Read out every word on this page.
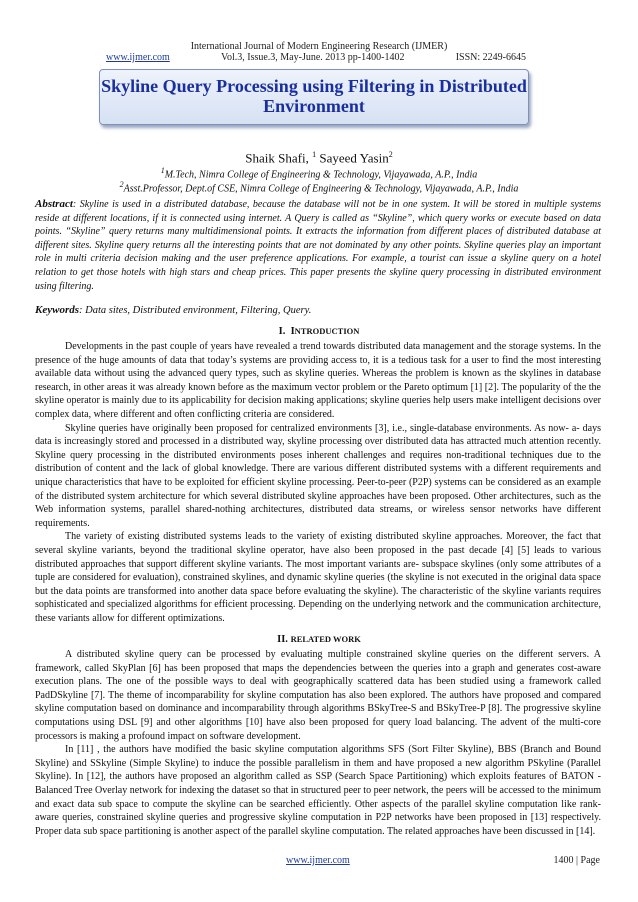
International Journal of Modern Engineering Research (IJMER)
www.ijmer.com	Vol.3, Issue.3, May-June. 2013 pp-1400-1402	ISSN: 2249-6645
Skyline Query Processing using Filtering in Distributed
Environment
Shaik Shafi, $^1$ Sayeed Yasin$^2$
$^1$M.Tech, Nimra College of Engineering & Technology, Vijayawada, A.P., India
$^2$Asst.Professor, Dept.of CSE, Nimra College of Engineering & Technology, Vijayawada, A.P., India
Abstract: Skyline is used in a distributed database, because the database will not be in one system. It will be stored in multiple systems reside at different locations, if it is connected using internet. A Query is called as “Skyline”, which query works or execute based on data points. “Skyline” query returns many multidimensional points. It extracts the information from different places of distributed database at different sites. Skyline query returns all the interesting points that are not dominated by any other points. Skyline queries play an important role in multi criteria decision making and the user preference applications. For example, a tourist can issue a skyline query on a hotel relation to get those hotels with high stars and cheap prices. This paper presents the skyline query processing in distributed environment using filtering.
Keywords: Data sites, Distributed environment, Filtering, Query.
I. INTRODUCTION

Developments in the past couple of years have revealed a trend towards distributed data management and the storage systems. In the presence of the huge amounts of data that today’s systems are providing access to, it is a tedious task for a user to find the most interesting available data without using the advanced query types, such as skyline queries. Whereas the problem is known as the skylines in database research, in other areas it was already known before as the maximum vector problem or the Pareto optimum [1] [2]. The popularity of the the skyline operator is mainly due to its applicability for decision making applications; skyline queries help users make intelligent decisions over complex data, where different and often conflicting criteria are considered.

Skyline queries have originally been proposed for centralized environments [3], i.e., single-database environments. As now- a- days data is increasingly stored and processed in a distributed way, skyline processing over distributed data has attracted much attention recently. Skyline query processing in the distributed environments poses inherent challenges and requires non-traditional techniques due to the distribution of content and the lack of global knowledge. There are various different distributed systems with a different requirements and unique characteristics that have to be exploited for efficient skyline processing. Peer-to-peer (P2P) systems can be considered as an example of the distributed system architecture for which several distributed skyline approaches have been proposed. Other architectures, such as the Web information systems, parallel shared-nothing architectures, distributed data streams, or wireless sensor networks have different requirements.

The variety of existing distributed systems leads to the variety of existing distributed skyline approaches. Moreover, the fact that several skyline variants, beyond the traditional skyline operator, have also been proposed in the past decade [4] [5] leads to various distributed approaches that support different skyline variants. The most important variants are- subspace skylines (only some attributes of a tuple are considered for evaluation), constrained skylines, and dynamic skyline queries (the skyline is not executed in the original data space but the data points are transformed into another data space before evaluating the skyline). The characteristic of the skyline variants requires sophisticated and specialized algorithms for efficient processing. Depending on the underlying network and the communication architecture, these variants allow for different optimizations.

II. RELATED WORK

A distributed skyline query can be processed by evaluating multiple constrained skyline queries on the different servers. A framework, called SkyPlan [6] has been proposed that maps the dependencies between the queries into a graph and generates cost-aware execution plans. The one of the possible ways to deal with geographically scattered data has been studied using a framework called PadDSkyline [7]. The theme of incomparability for skyline computation has also been explored. The authors have proposed and compared skyline computation based on dominance and incomparability through algorithms BSkyTree-S and BSkyTree-P [8]. The progressive skyline computations using DSL [9] and other algorithms [10] have also been proposed for query load balancing. The advent of the multi-core processors is making a profound impact on software development.

In [11] , the authors have modified the basic skyline computation algorithms SFS (Sort Filter Skyline), BBS (Branch and Bound Skyline) and SSkyline (Simple Skyline) to induce the possible parallelism in them and have proposed a new algorithm PSkyline (Parallel Skyline). In [12], the authors have proposed an algorithm called as SSP (Search Space Partitioning) which exploits features of BATON -Balanced Tree Overlay network for indexing the dataset so that in structured peer to peer network, the peers will be accessed to the minimum and exact data sub space to compute the skyline can be searched efficiently. Other aspects of the parallel skyline computation like rank-aware queries, constrained skyline queries and progressive skyline computation in P2P networks have been proposed in [13] respectively. Proper data sub space partitioning is another aspect of the parallel skyline computation. The related approaches have been discussed in [14].

www.ijmer.com	1400 | Page
